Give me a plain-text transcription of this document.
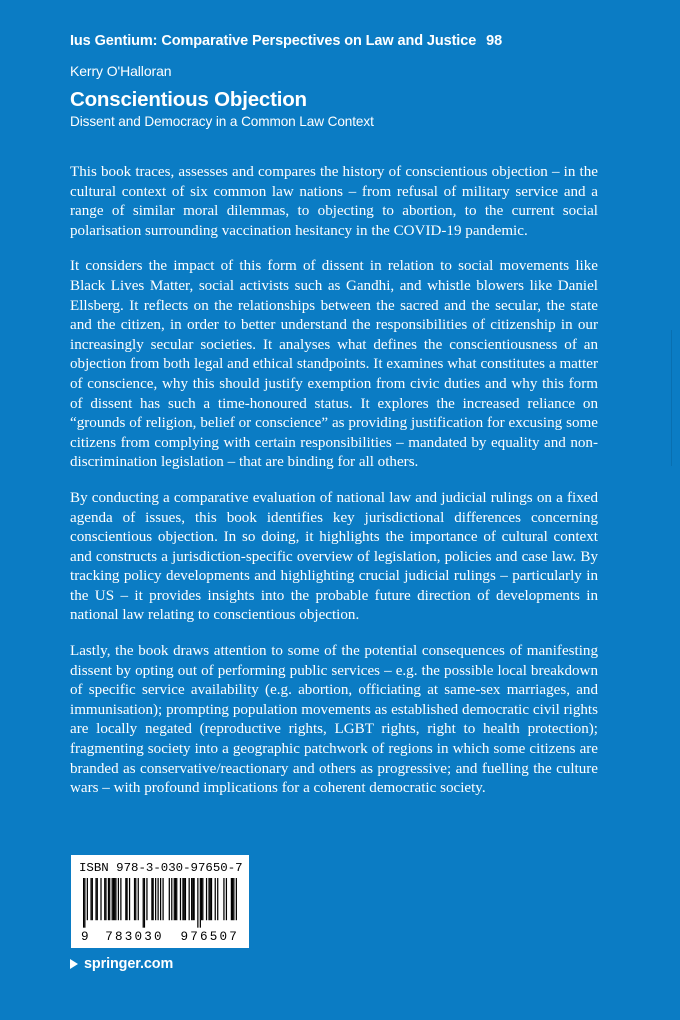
Ius Gentium: Comparative Perspectives on Law and Justice 98
Kerry O'Halloran
Conscientious Objection
Dissent and Democracy in a Common Law Context

This book traces, assesses and compares the history of conscientious objection – in the cultural context of six common law nations – from refusal of military service and a range of similar moral dilemmas, to objecting to abortion, to the current social polarisation surrounding vaccination hesitancy in the COVID-19 pandemic.

It considers the impact of this form of dissent in relation to social movements like Black Lives Matter, social activists such as Gandhi, and whistle blowers like Daniel Ellsberg. It reflects on the relationships between the sacred and the secular, the state and the citizen, in order to better understand the responsibilities of citizenship in our increasingly secular societies. It analyses what defines the conscientiousness of an objection from both legal and ethical standpoints. It examines what constitutes a matter of conscience, why this should justify exemption from civic duties and why this form of dissent has such a time-honoured status. It explores the increased reliance on “grounds of religion, belief or conscience” as providing justification for excusing some citizens from complying with certain responsibilities – mandated by equality and non-discrimination legislation – that are binding for all others.

By conducting a comparative evaluation of national law and judicial rulings on a fixed agenda of issues, this book identifies key jurisdictional differences concerning conscientious objection. In so doing, it highlights the importance of cultural context and constructs a jurisdiction-specific overview of legislation, policies and case law. By tracking policy developments and highlighting crucial judicial rulings – particularly in the US – it provides insights into the probable future direction of developments in national law relating to conscientious objection.

Lastly, the book draws attention to some of the potential consequences of manifesting dissent by opting out of performing public services – e.g. the possible local breakdown of specific service availability (e.g. abortion, officiating at same-sex marriages, and immunisation); prompting population movements as established democratic civil rights are locally negated (reproductive rights, LGBT rights, right to health protection); fragmenting society into a geographic patchwork of regions in which some citizens are branded as conservative/reactionary and others as progressive; and fuelling the culture wars – with profound implications for a coherent democratic society.

ISBN 978-3-030-97650-7
9 783030 976507
springer.com
